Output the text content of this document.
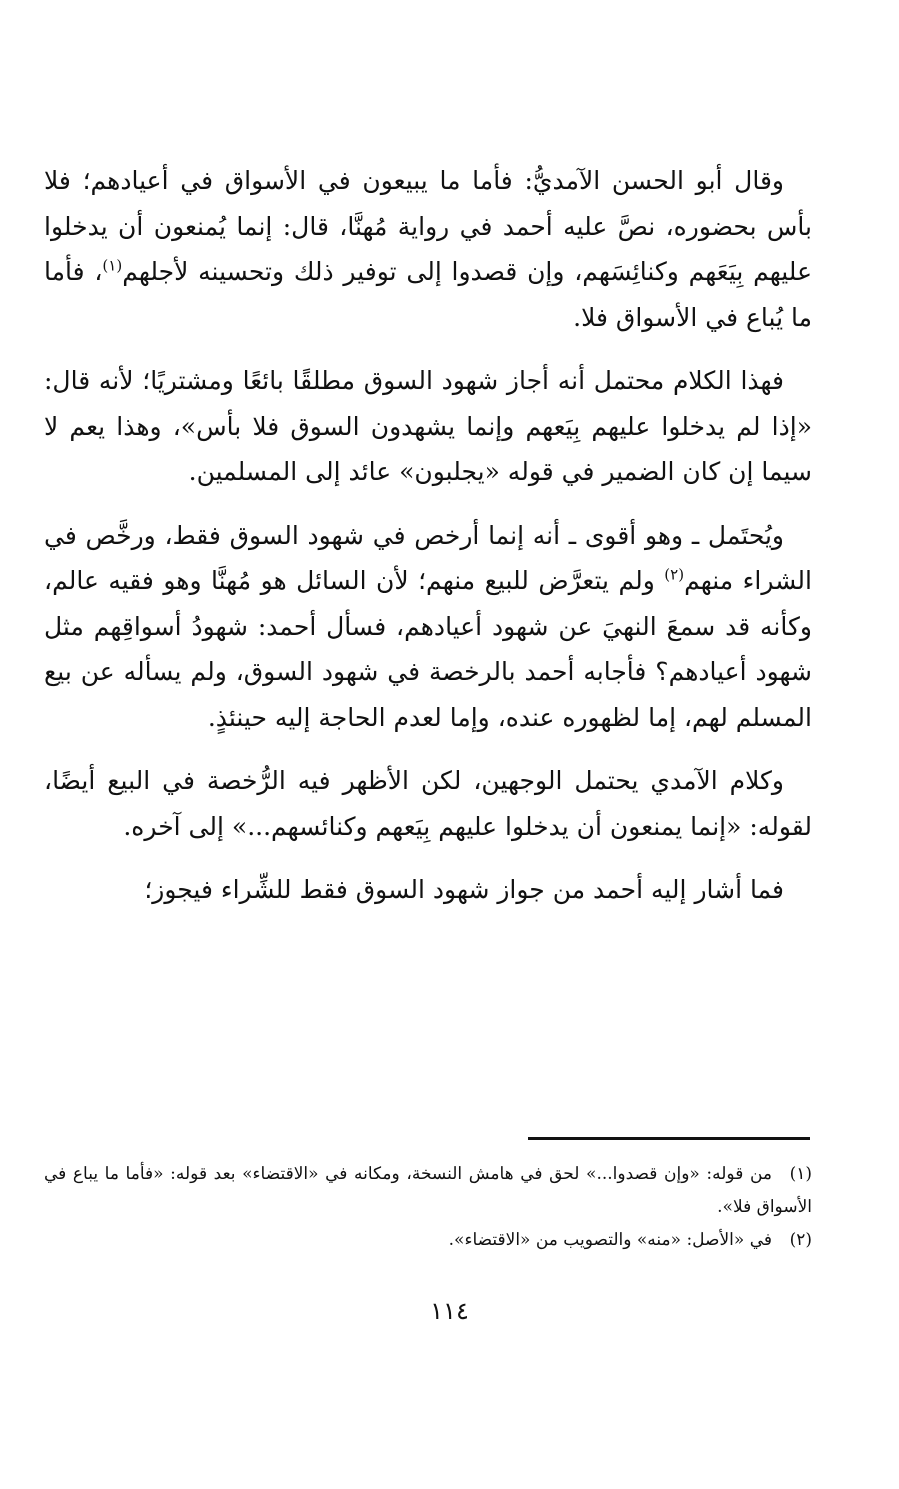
وقال أبو الحسن الآمديُّ: فأما ما يبيعون في الأسواق في أعيادهم؛ فلا بأس بحضوره، نصَّ عليه أحمد في رواية مُهنَّا، قال: إنما يُمنعون أن يدخلوا عليهم بِيَعَهم وكنائِسَهم، وإن قصدوا إلى توفير ذلك وتحسينه لأجلهم$^{(١)}$، فأما ما يُباع في الأسواق فلا.

فهذا الكلام محتمل أنه أجاز شهود السوق مطلقًا بائعًا ومشتريًا؛ لأنه قال: «إذا لم يدخلوا عليهم بِيَعهم وإنما يشهدون السوق فلا بأس»، وهذا يعم لا سيما إن كان الضمير في قوله «يجلبون» عائد إلى المسلمين.

ويُحتَمل ـ وهو أقوى ـ أنه إنما أرخص في شهود السوق فقط، ورخَّص في الشراء منهم$^{(٢)}$ ولم يتعرَّض للبيع منهم؛ لأن السائل هو مُهنَّا وهو فقيه عالم، وكأنه قد سمعَ النهيَ عن شهود أعيادهم، فسأل أحمد: شهودُ أسواقِهم مثل شهود أعيادهم؟ فأجابه أحمد بالرخصة في شهود السوق، ولم يسأله عن بيع المسلم لهم، إما لظهوره عنده، وإما لعدم الحاجة إليه حينئذٍ.

وكلام الآمدي يحتمل الوجهين، لكن الأظهر فيه الرُّخصة في البيع أيضًا، لقوله: «إنما يمنعون أن يدخلوا عليهم بِيَعهم وكنائسهم...» إلى آخره.

فما أشار إليه أحمد من جواز شهود السوق فقط للشِّراء فيجوز؛

(١)من قوله: «وإن قصدوا...» لحق في هامش النسخة، ومكانه في «الاقتضاء» بعد قوله: «فأما ما يباع في الأسواق فلا».

(٢)في «الأصل: «منه» والتصويب من «الاقتضاء».

١١٤
